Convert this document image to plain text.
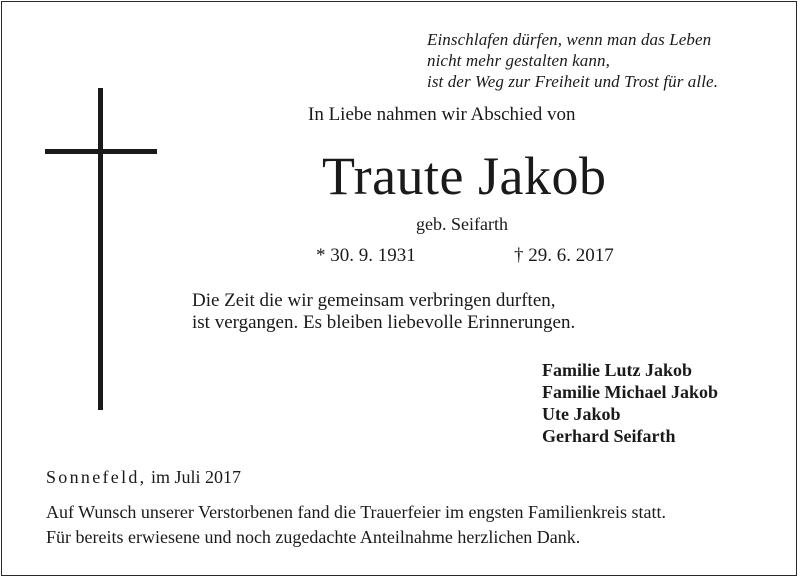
Einschlafen dürfen, wenn man das Leben
nicht mehr gestalten kann,
ist der Weg zur Freiheit und Trost für alle.
In Liebe nahmen wir Abschied von
Traute Jakob
geb. Seifarth
* 30. 9. 1931	† 29. 6. 2017
Die Zeit die wir gemeinsam verbringen durften,
ist vergangen. Es bleiben liebevolle Erinnerungen.
Familie Lutz Jakob
Familie Michael Jakob
Ute Jakob
Gerhard Seifarth
Sonnefeld, im Juli 2017
Auf Wunsch unserer Verstorbenen fand die Trauerfeier im engsten Familienkreis statt.
Für bereits erwiesene und noch zugedachte Anteilnahme herzlichen Dank.
